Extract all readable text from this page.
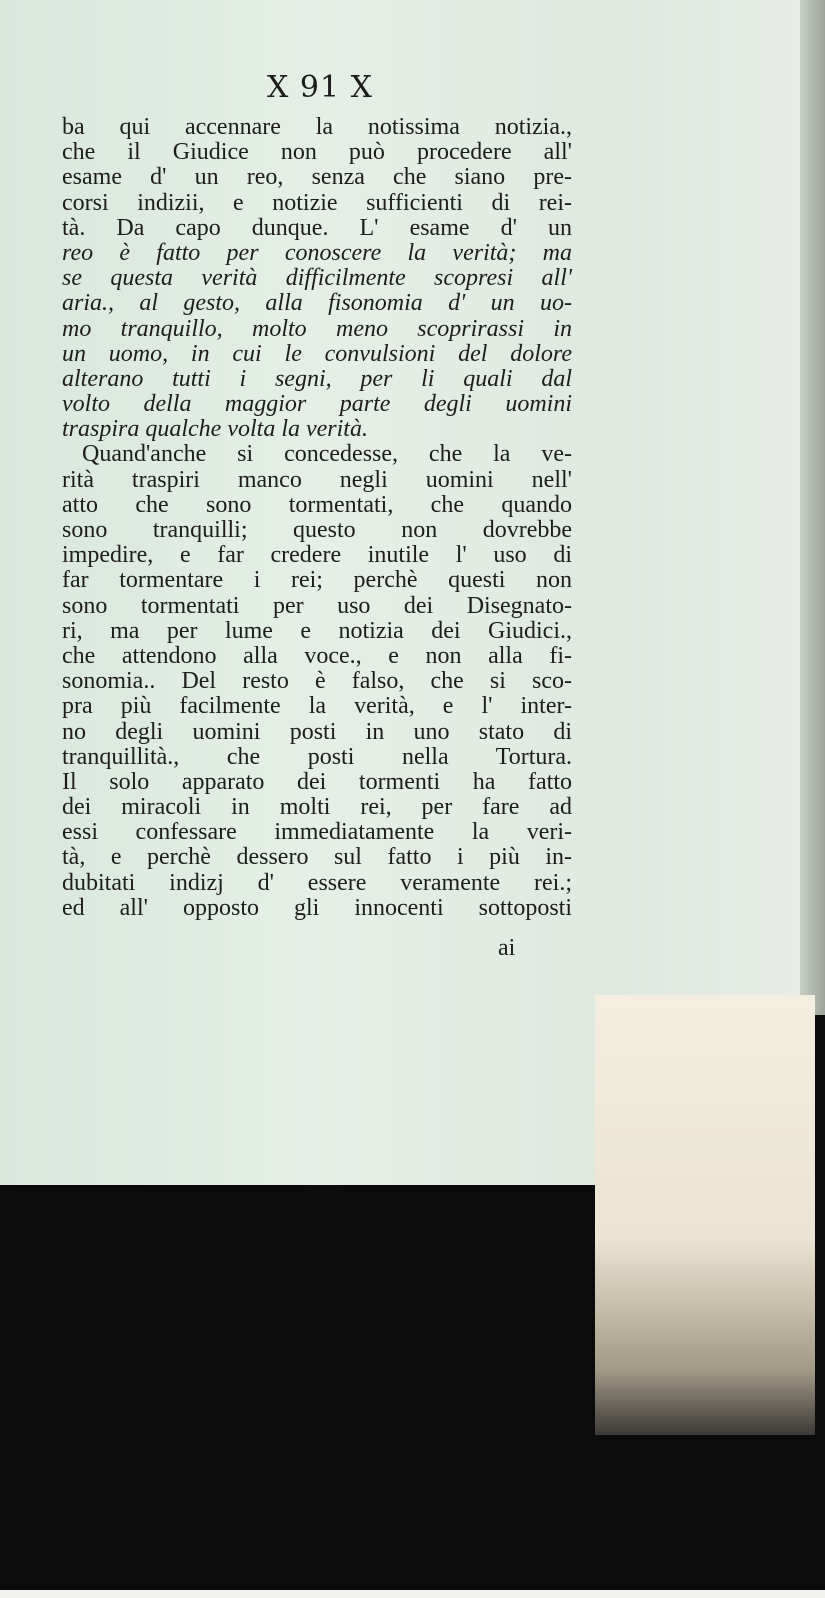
X 91 X
ba qui accennare la notissima notizia.,
che il Giudice non può procedere all'
esame d' un reo, senza che siano pre-
corsi indizii, e notizie sufficienti di rei-
tà. Da capo dunque. L' esame d' un
reo è fatto per conoscere la verità; ma
se questa verità difficilmente scopresi all'
aria., al gesto, alla fisonomia d' un uo-
mo tranquillo, molto meno scoprirassi in
un uomo, in cui le convulsioni del dolore
alterano tutti i segni, per li quali dal
volto della maggior parte degli uomini
traspira qualche volta la verità.
Quand'anche si concedesse, che la ve-
rità traspiri manco negli uomini nell'
atto che sono tormentati, che quando
sono tranquilli; questo non dovrebbe
impedire, e far credere inutile l' uso di
far tormentare i rei; perchè questi non
sono tormentati per uso dei Disegnato-
ri, ma per lume e notizia dei Giudici.,
che attendono alla voce., e non alla fi-
sonomia.. Del resto è falso, che si sco-
pra più facilmente la verità, e l' inter-
no degli uomini posti in uno stato di
tranquillità., che posti nella Tortura.
Il solo apparato dei tormenti ha fatto
dei miracoli in molti rei, per fare ad
essi confessare immediatamente la veri-
tà, e perchè dessero sul fatto i più in-
dubitati indizj d' essere veramente rei.;
ed all' opposto gli innocenti sottoposti
ai
